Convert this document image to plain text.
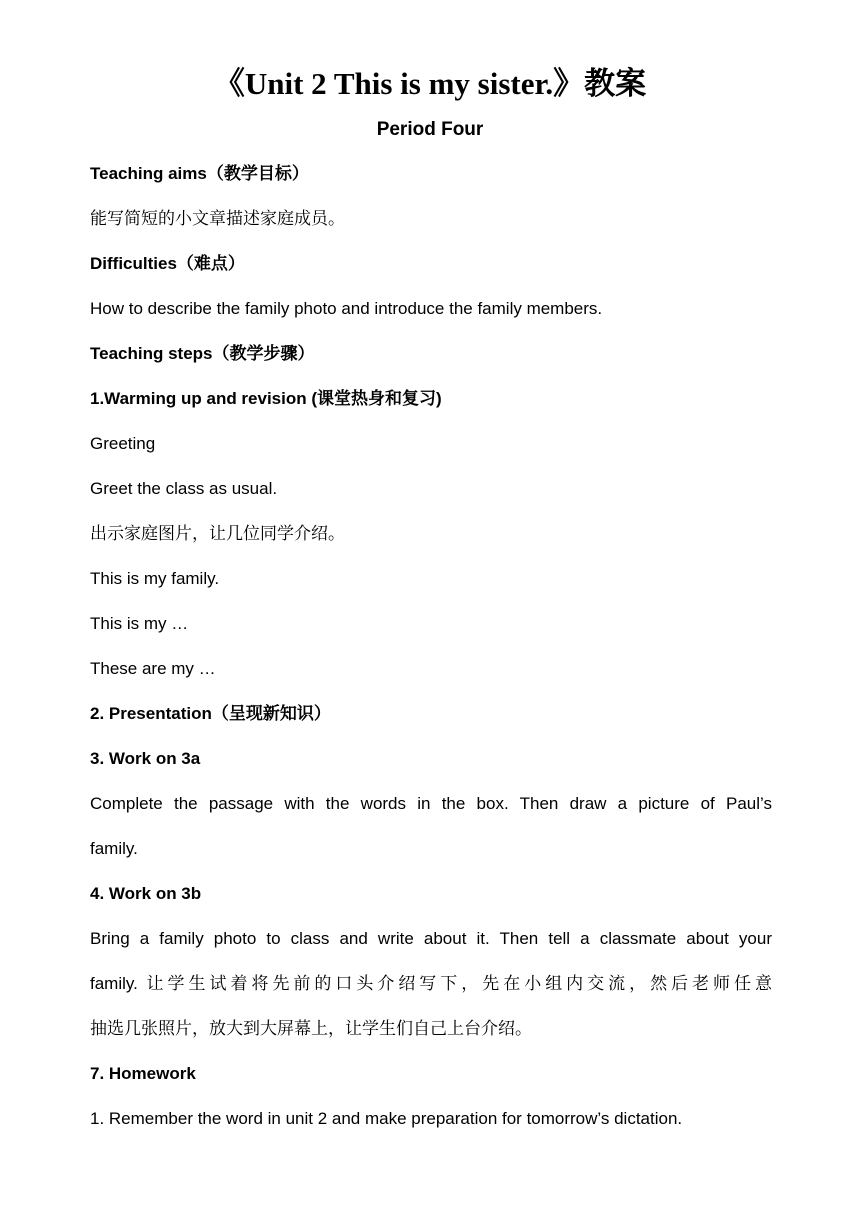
《Unit 2 This is my sister.》教案
Period Four
Teaching aims（教学目标）
能写简短的小文章描述家庭成员。
Difficulties（难点）
How to describe the family photo and introduce the family members.
Teaching steps（教学步骤）
1.Warming up and revision (课堂热身和复习)
Greeting
Greet the class as usual.
出示家庭图片，让几位同学介绍。
This is my family.
This is my …
These are my …
2. Presentation（呈现新知识）
3. Work on 3a
Complete the passage with the words in the box. Then draw a picture of Paul’s
family.
4. Work on 3b
Bring a family photo to class and write about it. Then tell a classmate about your
family. 让学生试着将先前的口头介绍写下，先在小组内交流，然后老师任意
抽选几张照片，放大到大屏幕上，让学生们自己上台介绍。
7. Homework
1. Remember the word in unit 2 and make preparation for tomorrow’s dictation.
